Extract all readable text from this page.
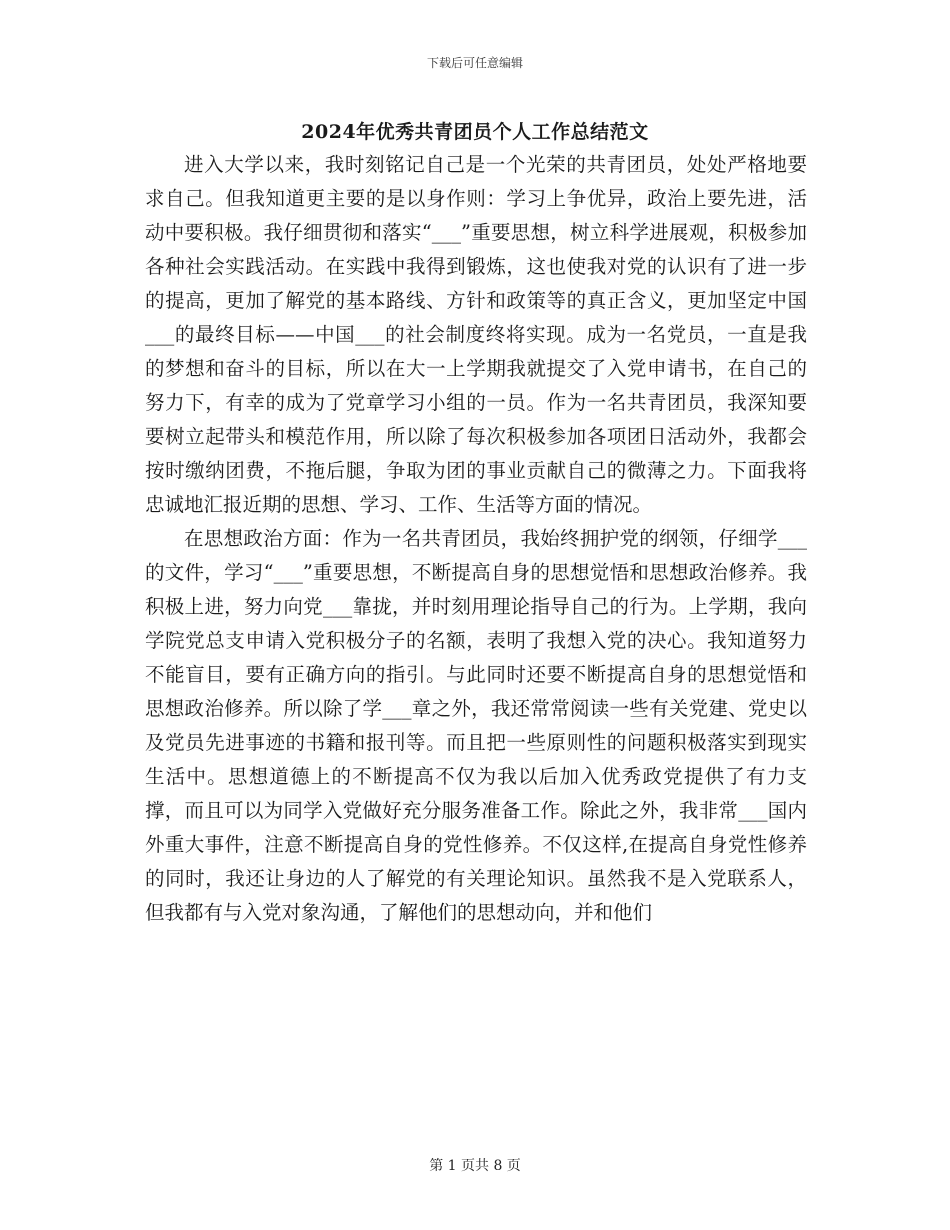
下载后可任意编辑
2024年优秀共青团员个人工作总结范文

进入大学以来，我时刻铭记自己是一个光荣的共青团员，处处严格地要求自己。但我知道更主要的是以身作则：学习上争优异，政治上要先进，活动中要积极。我仔细贯彻和落实“___”重要思想，树立科学进展观，积极参加各种社会实践活动。在实践中我得到锻炼，这也使我对党的认识有了进一步的提高，更加了解党的基本路线、方针和政策等的真正含义，更加坚定中国___的最终目标——中国___的社会制度终将实现。成为一名党员，一直是我的梦想和奋斗的目标，所以在大一上学期我就提交了入党申请书，在自己的努力下，有幸的成为了党章学习小组的一员。作为一名共青团员，我深知要要树立起带头和模范作用，所以除了每次积极参加各项团日活动外，我都会按时缴纳团费，不拖后腿，争取为团的事业贡献自己的微薄之力。下面我将忠诚地汇报近期的思想、学习、工作、生活等方面的情况。

在思想政治方面：作为一名共青团员，我始终拥护党的纲领，仔细学___的文件，学习“___”重要思想，不断提高自身的思想觉悟和思想政治修养。我积极上进，努力向党___靠拢，并时刻用理论指导自己的行为。上学期，我向学院党总支申请入党积极分子的名额，表明了我想入党的决心。我知道努力不能盲目，要有正确方向的指引。与此同时还要不断提高自身的思想觉悟和思想政治修养。所以除了学___章之外，我还常常阅读一些有关党建、党史以及党员先进事迹的书籍和报刊等。而且把一些原则性的问题积极落实到现实生活中。思想道德上的不断提高不仅为我以后加入优秀政党提供了有力支撑，而且可以为同学入党做好充分服务准备工作。除此之外，我非常___国内外重大事件，注意不断提高自身的党性修养。不仅这样,在提高自身党性修养的同时，我还让身边的人了解党的有关理论知识。虽然我不是入党联系人，但我都有与入党对象沟通，了解他们的思想动向，并和他们

第 1 页共 8 页
